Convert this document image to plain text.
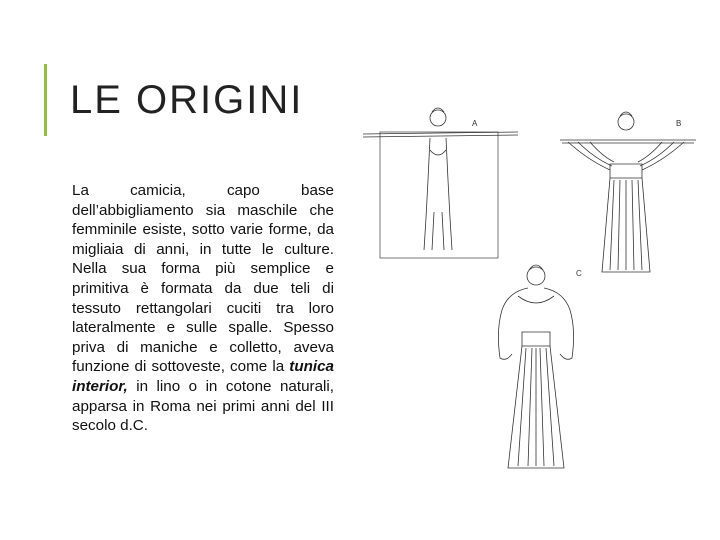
LE ORIGINI

La camicia, capo base dell’abbigliamento sia maschile che femminile esiste, sotto varie forme, da migliaia di anni, in tutte le culture. Nella sua forma più semplice e primitiva è formata da due teli di tessuto rettangolari cuciti tra loro lateralmente e sulle spalle. Spesso priva di maniche e colletto, aveva funzione di sottoveste, come la tunica interior, in lino o in cotone naturali, apparsa in Roma nei primi anni del III secolo d.C.

A	B
C
